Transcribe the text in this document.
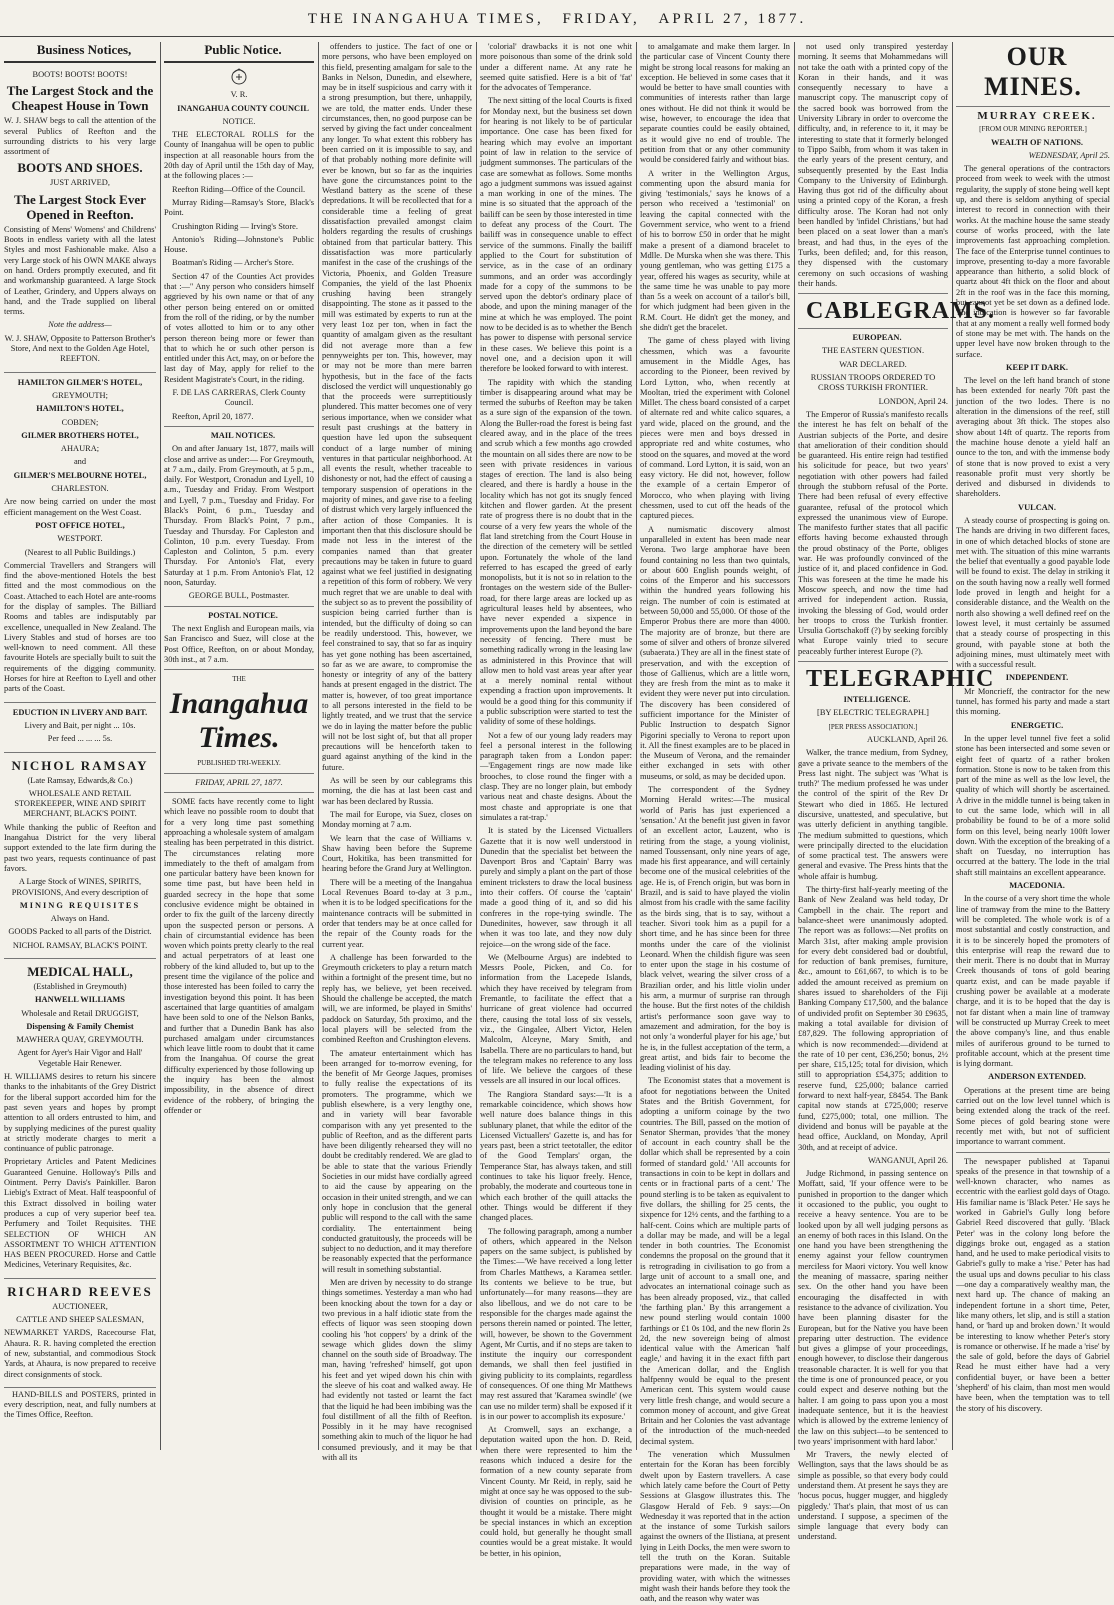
THE INANGAHUA TIMES, FRIDAY, APRIL 27, 1877.

Business Notices,

BOOTS! BOOTS! BOOTS!

The Largest Stock and the Cheapest House in Town

W. J. SHAW begs to call the attention of the several Publics of Reefton and the surrounding districts to his very large assortment of

BOOTS AND SHOES.

JUST ARRIVED,

The Largest Stock Ever Opened in Reefton.

Consisting of Mens' Womens' and Childrens' Boots in endless variety with all the latest Styles and most Fashionable make. Also a very Large stock of his OWN MAKE always on hand. Orders promptly executed, and fit and workmanship guaranteed. A large Stock of Leather, Grindery, and Uppers always on hand, and the Trade supplied on liberal terms.

Note the address—

W. J. SHAW, Opposite to Patterson Brother's Store, And next to the Golden Age Hotel, REEFTON.

HAMILTON GILMER'S HOTEL,

GREYMOUTH;

HAMILTON'S HOTEL,

COBDEN;

GILMER BROTHERS HOTEL,

AHAURA;

and

GILMER'S MELBOURNE HOTEL,

CHARLESTON.

Are now being carried on under the most efficient management on the West Coast.

POST OFFICE HOTEL,

WESTPORT.

(Nearest to all Public Buildings.)

Commercial Travellers and Strangers will find the above-mentioned Hotels the best fitted and the most commodious on the Coast. Attached to each Hotel are ante-rooms for the display of samples. The Billiard Rooms and tables are indisputably par excellence, unequalled in New Zealand. The Livery Stables and stud of horses are too well-known to need comment. All these favourite Hotels are specially built to suit the requirements of the digging community. Horses for hire at Reefton to Lyell and other parts of the Coast.

EDUCTION IN LIVERY AND BAIT.

Livery and Bait, per night ... 10s.

Per feed ... ... ... 5s.

NICHOL RAMSAY

(Late Ramsay, Edwards,& Co.)

WHOLESALE AND RETAIL STOREKEEPER, WINE AND SPIRIT MERCHANT, BLACK'S POINT.

While thanking the public of Reefton and Inangahua District for the very liberal support extended to the late firm during the past two years, requests continuance of past favors.

A Large Stock of WINES, SPIRITS, PROVISIONS, And every description of

MINING REQUISITES

Always on Hand.

GOODS Packed to all parts of the District.

NICHOL RAMSAY, BLACK'S POINT.

MEDICAL HALL,

(Established in Greymouth)

HANWELL WILLIAMS

Wholesale and Retail DRUGGIST,

Dispensing & Family Chemist

MAWHERA QUAY, GREYMOUTH.

Agent for Ayer's Hair Vigor and Hall' Vegetable Hair Renewer.

H. WILLIAMS desires to return his sincere thanks to the inhabitants of the Grey District for the liberal support accorded him for the past seven years and hopes by prompt attention to all orders entrusted to him, and by supplying medicines of the purest quality at strictly moderate charges to merit a continuance of public patronage.

Proprietary Articles and Patent Medicines Guaranteed Genuine. Holloway's Pills and Ointment. Perry Davis's Painkiller. Baron Liebig's Extract of Meat. Half teaspoonful of this Extract dissolved in boiling water produces a cup of very superior beef tea. Perfumery and Toilet Requisites. THE SELECTION OF WHICH AN ASSORTMENT TO WHICH ATTENTION HAS BEEN PROCURED. Horse and Cattle Medicines, Veterinary Requisites, &c.

RICHARD REEVES

AUCTIONEER,

CATTLE AND SHEEP SALESMAN,

NEWMARKET YARDS, Racecourse Flat, Ahaura. R. R. having completed the erection of new, substantial, and commodious Stock Yards, at Ahaura, is now prepared to receive direct consignments of stock.

HAND-BILLS and POSTERS, printed in every description, neat, and fully numbers at the Times Office, Reefton.

Public Notice.

V. R.

INANGAHUA COUNTY COUNCIL

NOTICE.

THE ELECTORAL ROLLS for the County of Inangahua will be open to public inspection at all reasonable hours from the 20th day of April until the 15th day of May, at the following places :—

Reefton Riding—Office of the Council.

Murray Riding—Ramsay's Store, Black's Point.

Crushington Riding — Irving's Store.

Antonio's Riding—Johnstone's Public House.

Boatman's Riding — Archer's Store.

Section 47 of the Counties Act provides that :—" Any person who considers himself aggrieved by his own name or that of any other person being entered on or omitted from the roll of the riding, or by the number of votes allotted to him or to any other person thereon being more or fewer than that to which he or such other person is entitled under this Act, may, on or before the last day of May, apply for relief to the Resident Magistrate's Court, in the riding.

F. DE LAS CARRERAS, Clerk County Council.

Reefton, April 20, 1877.

MAIL NOTICES.

On and after January 1st, 1877, mails will close and arrive as under:— For Greymouth, at 7 a.m., daily. From Greymouth, at 5 p.m., daily. For Westport, Cronadun and Lyell, 10 a.m., Tuesday and Friday. From Westport and Lyell, 7 p.m., Tuesday and Friday. For Black's Point, 6 p.m., Tuesday and Thursday. From Black's Point, 7 p.m., Tuesday and Thursday. For Capleston and Colinton, 10 p.m. every Tuesday. From Capleston and Colinton, 5 p.m. every Thursday. For Antonio's Flat, every Saturday at 1 p.m. From Antonio's Flat, 12 noon, Saturday.

GEORGE BULL, Postmaster.

POSTAL NOTICE.

The next English and European mails, via San Francisco and Suez, will close at the Post Office, Reefton, on or about Monday, 30th inst., at 7 a.m.

THE

Inangahua Times.

PUBLISHED TRI-WEEKLY.

FRIDAY, APRIL 27, 1877.

SOME facts have recently come to light which leave no possible room to doubt that for a very long time past something approaching a wholesale system of amalgam stealing has been perpetrated in this district. The circumstances relating more immediately to the theft of amalgam from one particular battery have been known for some time past, but have been held in guarded secrecy in the hope that some conclusive evidence might be obtained in order to fix the guilt of the larceny directly upon the suspected person or persons. A chain of circumstantial evidence has been woven which points pretty clearly to the real and actual perpetrators of at least one robbery of the kind alluded to, but up to the present time the vigilance of the police and those interested has been foiled to carry the investigation beyond this point. It has been ascertained that large quantities of amalgam have been sold to one of the Nelson Banks, and further that a Dunedin Bank has also purchased amalgam under circumstances which leave little room to doubt that it came from the Inangahua. Of course the great difficulty experienced by those following up the inquiry has been the almost impossibility, in the absence of direct evidence of the robbery, of bringing the offender or

offenders to justice. The fact of one or more persons, who have been employed on this field, presenting amalgam for sale to the Banks in Nelson, Dunedin, and elsewhere, may be in itself suspicious and carry with it a strong presumption, but there, unhappily, we are told, the matter ends. Under these circumstances, then, no good purpose can be served by giving the fact under concealment any longer. To what extent this robbery has been carried on it is impossible to say, and of that probably nothing more definite will ever be known, but so far as the inquiries have gone the circumstances point to the Westland battery as the scene of these depredations. It will be recollected that for a considerable time a feeling of great dissatisfaction prevailed amongst claim holders regarding the results of crushings obtained from that particular battery. This dissatisfaction was more particularly manifest in the case of the crushings of the Victoria, Phoenix, and Golden Treasure Companies, the yield of the last Phoenix crushing having been strangely disappointing. The stone as it passed to the mill was estimated by experts to run at the very least 1oz per ton, when in fact the quantity of amalgam given as the resultant did not average more than a few pennyweights per ton. This, however, may or may not be more than mere barren hypothesis, but in the face of the facts disclosed the verdict will unquestionably go that the proceeds were surreptitiously plundered. This matter becomes one of very serious importance, when we consider what result past crushings at the battery in question have led upon the subsequent conduct of a large number of mining ventures in that particular neighborhood. At all events the result, whether traceable to dishonesty or not, had the effect of causing a temporary suspension of operations in the majority of mines, and gave rise to a feeling of distrust which very largely influenced the after action of those Companies. It is important then that this disclosure should be made not less in the interest of the companies named than that greater precautions may be taken in future to guard against what we feel justified in designating a repetition of this form of robbery. We very much regret that we are unable to deal with the subject so as to prevent the possibility of suspicion being carried further than is intended, but the difficulty of doing so can be readily understood. This, however, we feel constrained to say, that so far as inquiry has yet gone nothing has been ascertained, so far as we are aware, to compromise the honesty or integrity of any of the battery hands at present engaged in the district. The matter is, however, of too great importance to all persons interested in the field to be lightly treated, and we trust that the service we do in laying the matter before the public will not be lost sight of, but that all proper precautions will be henceforth taken to guard against anything of the kind in the future.

As will be seen by our cablegrams this morning, the die has at last been cast and war has been declared by Russia.

The mail for Europe, via Suez, closes on Monday morning at 7 a.m.

We learn that the case of Williams v. Shaw having been before the Supreme Court, Hokitika, has been transmitted for hearing before the Grand Jury at Wellington.

There will be a meeting of the Inangahua Local Revenues Board to-day at 3 p.m., when it is to be lodged specifications for the maintenance contracts will be submitted in order that tenders may be at once called for the repair of the County roads for the current year.

A challenge has been forwarded to the Greymouth cricketers to play a return match within a fortnight of the present time, but no reply has, we believe, yet been received. Should the challenge be accepted, the match will, we are informed, be played in Smiths' paddock on Saturday, 5th proximo, and the local players will be selected from the combined Reefton and Crushington elevens.

The amateur entertainment which has been arranged for to-morrow evening, for the benefit of Mr George Jaques, promises to fully realise the expectations of its promoters. The programme, which we publish elsewhere, is a very lengthy one, and in variety will bear favorable comparison with any yet presented to the public of Reefton, and as the different parts have been diligently rehearsed they will no doubt be creditably rendered. We are glad to be able to state that the various Friendly Societies in our midst have cordially agreed to aid the cause by appearing on the occasion in their united strength, and we can only hope in conclusion that the general public will respond to the call with the same cordiality. The entertainment being conducted gratuitously, the proceeds will be subject to no deduction, and it may therefore be reasonably expected that the performance will result in something substantial.

Men are driven by necessity to do strange things sometimes. Yesterday a man who had been knocking about the town for a day or two previous in a half idiotic state from the effects of liquor was seen stooping down cooling his 'hot coppers' by a drink of the sewage which glides down the slimy channel on the south side of Broadway. The man, having 'refreshed' himself, got upon his feet and yet wiped down his chin with the sleeve of his coat and walked away. He had evidently not tasted or learnt the fact that the liquid he had been imbibing was the foul distillment of all the filth of Reefton. Possibly in it he may have recognised something akin to much of the liquor he had consumed previously, and it may be that with all its

'colorial' drawbacks it is not one whit more poisonous than some of the drink sold under a different name. At any rate he seemed quite satisfied. Here is a bit of 'fat' for the advocates of Temperance.

The next sitting of the local Courts is fixed for Monday next, but the business set down for hearing is not likely to be of particular importance. One case has been fixed for hearing which may evolve an important point of law in relation to the service of judgment summonses. The particulars of the case are somewhat as follows. Some months ago a judgment summons was issued against a man working in one of the mines. The mine is so situated that the approach of the bailiff can be seen by those interested in time to defeat any process of the Court. The bailiff was in consequence unable to effect service of the summons. Finally the bailiff applied to the Court for substitution of service, as in the case of an ordinary summons, and an order was accordingly made for a copy of the summons to be served upon the debtor's ordinary place of abode, and upon the mining manager of the mine at which he was employed. The point now to be decided is as to whether the Bench has power to dispense with personal service in these cases. We believe this point is a novel one, and a decision upon it will therefore be looked forward to with interest.

The rapidity with which the standing timber is disappearing around what may be termed the suburbs of Reefton may be taken as a sure sign of the expansion of the town. Along the Buller-road the forest is being fast cleared away, and in the place of the trees and scrub which a few months ago crowded the mountain on all sides there are now to be seen with private residences in various stages of erection. The land is also being cleared, and there is hardly a house in the locality which has not got its snugly fenced kitchen and flower garden. At the present rate of progress there is no doubt that in the course of a very few years the whole of the flat land stretching from the Court House in the direction of the cemetery will be settled upon. Fortunately the whole of the land referred to has escaped the greed of early monopolists, but it is not so in relation to the frontages on the western side of the Buller-road, for there large areas are locked up as agricultural leases held by absentees, who have never expended a sixpence in improvements upon the land beyond the bare necessity of fencing. There must be something radically wrong in the leasing law as administered in this Province that will allow men to hold vast areas year after year at a merely nominal rental without expending a fraction upon improvements. It would be a good thing for this community if a public subscription were started to test the validity of some of these holdings.

Not a few of our young lady readers may feel a personal interest in the following paragraph taken from a London paper:—'Engagement rings are now made like brooches, to close round the finger with a clasp. They are no longer plain, but embody various neat and chaste designs. About the most chaste and appropriate is one that simulates a rat-trap.'

It is stated by the Licensed Victuallers Gazette that it is now well understood in Dunedin that the specialist bet between the Davenport Bros and 'Captain' Barry was purely and simply a plant on the part of those eminent tricksters to draw the local business into their coffers. Of course the 'captain' made a good thing of it, and so did his confreres in the rope-tying swindle. The Dunedinites, however, saw through it all when it was too late, and they now duly rejoice—on the wrong side of the face.

We (Melbourne Argus) are indebted to Messrs Poole, Picken, and Co. for information from the Lacepede Islands, which they have received by telegram from Fremantle, to facilitate the effect that a hurricane of great violence had occurred there, causing the total loss of six vessels, viz., the Gingalee, Albert Victor, Helen Malcolm, Alceyne, Mary Smith, and Isabella. There are no particulars to hand, but the telegram makes no reference to any loss of life. We believe the cargoes of these vessels are all insured in our local offices.

The Rangiora Standard says:—'It is a remarkable coincidence, which shows how well nature does balance things in this sublunary planet, that while the editor of the Licensed Victuallers' Gazette is, and has for years past, been a strict teetotaller, the editor of the Good Templars' organ, the Temperance Star, has always taken, and still continues to take his liquor freely. Hence, probably, the moderate and courteous tone in which each brother of the quill attacks the other. Things would be different if they changed places.

The following paragraph, among a number of others, which appeared in the Nelson papers on the same subject, is published by the Times:—'We have received a long letter from Charles Matthews, a Karamea settler. Its contents we believe to be true, but unfortunately—for many reasons—they are also libellous, and we do not care to be responsible for the charges made against the persons therein named or pointed. The letter, will, however, be shown to the Government Agent, Mr Curtis, and if no steps are taken to institute the inquiry our correspondent demands, we shall then feel justified in giving publicity to its complaints, regardless of consequences. Of one thing Mr Matthews may rest assured that 'Karamea swindle' (we can use no milder term) shall be exposed if it is in our power to accomplish its exposure.'

At Cromwell, says an exchange, a deputation waited upon the hon. D. Reid, when there were represented to him the reasons which induced a desire for the formation of a new county separate from Vincent County. Mr Reid, in reply, said he might at once say he was opposed to the sub-division of counties on principle, as he thought it would be a mistake. There might be special instances in which an exception could hold, but generally he thought small counties would be a great mistake. It would be better, in his opinion,

to amalgamate and make them larger. In the particular case of Vincent County there might be strong local reasons for making an exception. He believed in some cases that it would be better to have small counties with communities of interests rather than large ones without. He did not think it would be wise, however, to encourage the idea that separate counties could be easily obtained, as it would give no end of trouble. The petition from that or any other community would be considered fairly and without bias.

A writer in the Wellington Argus, commenting upon the absurd mania for giving 'testimonials,' says he knows of a person who received a 'testimonial' on leaving the capital connected with the Government service, who went to a friend of his to borrow £50 in order that he might make a present of a diamond bracelet to Mdlle. De Murska when she was there. This young gentleman, who was getting £175 a year, offered his wages as security, while at the same time he was unable to pay more than 5s a week on account of a tailor's bill, for which judgment had been given in the R.M. Court. He didn't get the money, and she didn't get the bracelet.

The game of chess played with living chessmen, which was a favourite amusement in the Middle Ages, has according to the Pioneer, been revived by Lord Lytton, who, when recently at Mooltan, tried the experiment with Colonel Millet. The chess board consisted of a carpet of alternate red and white calico squares, a yard wide, placed on the ground, and the pieces were men and boys dressed in appropriate red and white costumes, who stood on the squares, and moved at the word of command. Lord Lytton, it is said, won an easy victory. He did not, however, follow the example of a certain Emperor of Morocco, who when playing with living chessmen, used to cut off the heads of the captured pieces.

A numismatic discovery almost unparalleled in extent has been made near Verona. Two large amphorae have been found containing no less than two quintals, or about 600 English pounds weight, of coins of the Emperor and his successors within the hundred years following his reign. The number of coin is estimated at between 50,000 and 55,000. Of those of the Emperor Probus there are more than 4000. The majority are of bronze, but there are some of silver and others of bronze silvered (subaerata.) They are all in the finest state of preservation, and with the exception of those of Gallienus, which are a little worn, they are fresh from the mint as to make it evident they were never put into circulation. The discovery has been considered of sufficient importance for the Minister of Public Instruction to despatch Signor Pigorini specially to Verona to report upon it. All the finest examples are to be placed in the Museum of Verona, and the remainder either exchanged in sets with other museums, or sold, as may be decided upon.

The correspondent of the Sydney Morning Herald writes:—The musical world of Paris has just experienced a 'sensation.' At the benefit just given in favor of an excellent actor, Lauzent, who is retiring from the stage, a young violinist, named Toussensant, only nine years of age, made his first appearance, and will certainly become one of the musical celebrities of the age. He is, of French origin, but was born in Brazil, and is said to have played the violin almost from his cradle with the same facility as the birds sing, that is to say, without a teacher. Sivori took him as a pupil for a short time, and he has since been for three months under the care of the violinist Leonard. When the childish figure was seen to enter upon the stage in his costume of black velvet, wearing the silver cross of a Brazilian order, and his little violin under his arm, a murmur of surprise ran through the house. But the first notes of the childish artist's performance soon gave way to amazement and admiration, for the boy is not only 'a wonderful player for his age,' but he is, in the fullest acceptation of the term, a great artist, and bids fair to become the leading violinist of his day.

The Economist states that a movement is afoot for negotiations between the United States and the British Government, for adopting a uniform coinage by the two countries. The Bill, passed on the motion of Senator Sherman, provides 'that the money of account in each country shall be the dollar which shall be represented by a coin formed of standard gold.' 'All accounts for transactions in coin to be kept in dollars and cents or in fractional parts of a cent.' The pound sterling is to be taken as equivalent to five dollars, the shilling for 25 cents, the sixpence for 12½ cents, and the farthing to a half-cent. Coins which are multiple parts of a dollar may be made, and will be a legal tender in both countries. The Economist condemns the proposal on the ground that it is retrograding in civilisation to go from a large unit of account to a small one, and advocates an international coinage such as has been already proposed, viz., that called 'the farthing plan.' By this arrangement a new pound sterling would contain 1000 farthings or £1 0s 10d, and the new florin 2s 2d, the new sovereign being of almost identical value with the American 'half eagle,' and having it in the exact fifth part the American dollar, and the English halfpenny would be equal to the present American cent. This system would cause very little fresh change, and would secure a common money of account, and give Great Britain and her Colonies the vast advantage of the introduction of the much-needed decimal system.

The veneration which Mussulmen entertain for the Koran has been forcibly dwelt upon by Eastern travellers. A case which lately came before the Court of Petty Sessions at Glasgow illustrates this. The Glasgow Herald of Feb. 9 says:—On Wednesday it was reported that in the action at the instance of some Turkish sailors against the owners of the Ilistiana, at present lying in Leith Docks, the men were sworn to tell the truth on the Koran. Suitable preparations were made, in the way of providing water, with which the witnesses might wash their hands before they took the oath, and the reason why water was

not used only transpired yesterday morning. It seems that Mohammedans will not take the oath with a printed copy of the Koran in their hands, and it was consequently necessary to have a manuscript copy. The manuscript copy of the sacred book was borrowed from the University Library in order to overcome the difficulty, and, in reference to it, it may be interesting to state that it formerly belonged to Tippo Saibh, from whom it was taken in the early years of the present century, and subsequently presented by the East India Company to the University of Edinburgh. Having thus got rid of the difficulty about using a printed copy of the Koran, a fresh difficulty arose. The Koran had not only been handled by 'infidel Christians,' but had been placed on a seat lower than a man's breast, and had thus, in the eyes of the Turks, been defiled; and, for this reason, they dispensed with the customary ceremony on such occasions of washing their hands.

CABLEGRAMS.

EUROPEAN.

THE EASTERN QUESTION.

WAR DECLARED.

RUSSIAN TROOPS ORDERED TO CROSS TURKISH FRONTIER.

LONDON, April 24.

The Emperor of Russia's manifesto recalls the interest he has felt on behalf of the Austrian subjects of the Porte, and desire that amelioration of their condition should be guaranteed. His entire reign had testified his solicitude for peace, but two years' negotiation with other powers had failed through the stubborn refusal of the Porte. There had been refusal of every effective guarantee, refusal of the protocol which expressed the unanimous view of Europe. The manifesto further states that all pacific efforts having become exhausted through the proud obstinacy of the Porte, obliges war. He was profoundly convinced of the justice of it, and placed confidence in God. This was foreseen at the time he made his Moscow speech, and now the time had arrived for independent action. Russia, invoking the blessing of God, would order her troops to cross the Turkish frontier. Ursulia Gortschakoff (?) by seeking forcibly what Europe vainly tried to secure peaceably further interest Europe (?).

TELEGRAPHIC

INTELLIGENCE.

[BY ELECTRIC TELEGRAPH.]

[PER PRESS ASSOCIATION.]

AUCKLAND, April 26.

Walker, the trance medium, from Sydney, gave a private seance to the members of the Press last night. The subject was 'What is truth?' The medium professed he was under the control of the spirit of the Rev Dr Stewart who died in 1865. He lectured discursive, unattested, and speculative, but was utterly deficient in anything tangible. The medium submitted to questions, which were principally directed to the elucidation of some practical test. The answers were general and evasive. The Press hints that the whole affair is humbug.

The thirty-first half-yearly meeting of the Bank of New Zealand was held today, Dr Campbell in the chair. The report and balance-sheet were unanimously adopted. The report was as follows:—Net profits on March 31st, after making ample provision for every debt considered bad or doubtful, for reduction of bank premises, furniture, &c., amount to £61,667, to which is to be added the amount received as premium on shares issued to shareholders of the Fiji Banking Company £17,500, and the balance of undivided profit on September 30 £9635, making a total available for division of £87,829. The following appropriation of which is now recommended:—dividend at the rate of 10 per cent, £36,250; bonus, 2½ per share, £15,125; total for division, which still to appropriation £54,375; addition to reserve fund, £25,000; balance carried forward to next half-year, £8454. The Bank capital now stands at £725,000; reserve fund, £275,000; total, one million. The dividend and bonus will be payable at the head office, Auckland, on Monday, April 30th, and at receipt of advice.

WANGANUI, April 26.

Judge Richmond, in passing sentence on Moffatt, said, 'If your offence were to be punished in proportion to the danger which it occasioned to the public, you ought to receive a heavy sentence. You are to be looked upon by all well judging persons as an enemy of both races in this Island. On the one hand you have been strengthening the enemy against your fellow countrymen merciless for Maori victory. You well know the meaning of massacre, sparing neither sex. On the other hand you have been encouraging the disaffected in with resistance to the advance of civilization. You have been planning disaster for the European, but for the Native you have been preparing utter destruction. The evidence but gives a glimpse of your proceedings, enough however, to disclose their dangerous treasonable character. It is well for you that the time is one of pronounced peace, or you could expect and deserve nothing but the halter. I am going to pass upon you a most inadequate sentence, but it is the heaviest which is allowed by the extreme leniency of the law on this subject—to be sentenced to two years' imprisonment with hard labor.'

Mr Travers, the newly elected of Wellington, says that the laws should be as simple as possible, so that every body could understand them. At present he says they are 'hocus pocus, hugger mugger, and higgledy piggledy.' That's plain, that most of us can understand. I suppose, a specimen of the simple language that every body can understand.

OUR MINES.

MURRAY CREEK.

[FROM OUR MINING REPORTER.]

WEALTH OF NATIONS.

WEDNESDAY, April 25.

The general operations of the contractors proceed from week to week with the utmost regularity, the supply of stone being well kept up, and there is seldom anything of special interest to record in connection with their works. At the machine house the same steady course of works proceed, with the late improvements fast approaching completion. The face of the Enterprise tunnel continues to improve, presenting to-day a more favorable appearance than hitherto, a solid block of quartz about 4ft thick on the floor and about 2ft in the roof was in the face this morning, but cannot yet be set down as a defined lode. The indication is however so far favorable that at any moment a really well formed body of stone may be met with. The hands on the upper level have now broken through to the surface.

KEEP IT DARK.

The level on the left hand branch of stone has been extended for nearly 70ft past the junction of the two lodes. There is no alteration in the dimensions of the reef, still averaging about 3ft thick. The stopes also show about 14ft of quartz. The reports from the machine house denote a yield half an ounce to the ton, and with the immense body of stone that is now proved to exist a very reasonable profit must very shortly be derived and disbursed in dividends to shareholders.

VULCAN.

A steady course of prospecting is going on. The hands are driving in two different faces, in one of which detached blocks of stone are met with. The situation of this mine warrants the belief that eventually a good payable lode will be found to exist. The delay in striking it on the south having now a really well formed lode proved in length and height for a considerable distance, and the Wealth on the north also showing a well defined reef on the lowest level, it must certainly be assumed that a steady course of prospecting in this ground, with payable stone at both the adjoining mines, must ultimately meet with with a successful result.

INDEPENDENT.

Mr Moncrieff, the contractor for the new tunnel, has formed his party and made a start this morning.

ENERGETIC.

In the upper level tunnel five feet a solid stone has been intersected and some seven or eight feet of quartz of a rather broken formation. Stone is now to be taken from this part of the mine as well as the low level, the quality of which will shortly be ascertained. A drive in the middle tunnel is being taken in to cut the same lode, which will in all probability be found to be of a more solid form on this level, being nearly 100ft lower down. With the exception of the breaking of a shaft on Tuesday, no interruption has occurred at the battery. The lode in the trial shaft still maintains an excellent appearance.

MACEDONIA.

In the course of a very short time the whole line of tramway from the mine to the Battery will be completed. The whole work is of a most substantial and costly construction, and it is to be sincerely hoped the promoters of this enterprise will reap the reward due to their merit. There is no doubt that in Murray Creek thousands of tons of gold bearing quartz exist, and can be made payable if crushing power be available at a moderate charge, and it is to be hoped that the day is not far distant when a main line of tramway will be constructed up Murray Creek to meet the above company's line, and thus enable miles of auriferous ground to be turned to profitable account, which at the present time is lying dormant.

ANDERSON EXTENDED.

Operations at the present time are being carried out on the low level tunnel which is being extended along the track of the reef. Some pieces of gold bearing stone were recently met with, but not of sufficient importance to warrant comment.

The newspaper published at Tapanui speaks of the presence in that township of a well-known character, who names as eccentric with the earliest gold days of Otago. His familiar name is 'Black Peter.' He says he worked in Gabriel's Gully long before Gabriel Reed discovered that gully. 'Black Peter' was in the colony long before the diggings broke out, engaged as a station hand, and he used to make periodical visits to Gabriel's gully to make a 'rise.' Peter has had the usual ups and downs peculiar to his class—one day a comparatively wealthy man, the next hard up. The chance of making an independent fortune in a short time, Peter, like many others, let slip, and is still a station hand, or 'hard up and broken down.' It would be interesting to know whether Peter's story is romance or otherwise. If he made a 'rise' by the sale of gold, before the days of Gabriel Read he must either have had a very confidential buyer, or have been a better 'shepherd' of his claim, than most men would have been, when the temptation was to tell the story of his discovery.
